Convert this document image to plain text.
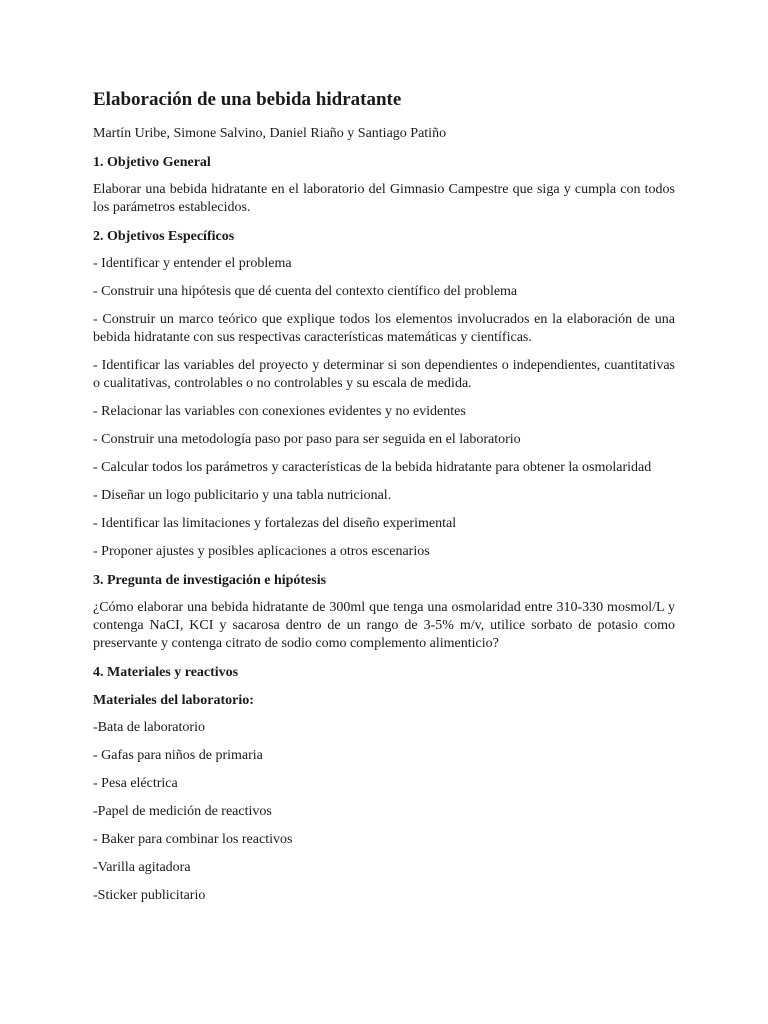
Elaboración de una bebida hidratante

Martín Uribe, Simone Salvino, Daniel Riaño y Santiago Patiño

1. Objetivo General

Elaborar una bebida hidratante en el laboratorio del Gimnasio Campestre que siga y cumpla con todos los parámetros establecidos.

2. Objetivos Específicos

- Identificar y entender el problema

- Construir una hipótesis que dé cuenta del contexto científico del problema

- Construir un marco teórico que explique todos los elementos involucrados en la elaboración de una bebida hidratante con sus respectivas características matemáticas y científicas.

- Identificar las variables del proyecto y determinar si son dependientes o independientes, cuantitativas o cualitativas, controlables o no controlables y su escala de medida.

- Relacionar las variables con conexiones evidentes y no evidentes

- Construir una metodología paso por paso para ser seguida en el laboratorio

- Calcular todos los parámetros y características de la bebida hidratante para obtener la osmolaridad

- Diseñar un logo publicitario y una tabla nutricional.

- Identificar las limitaciones y fortalezas del diseño experimental

- Proponer ajustes y posibles aplicaciones a otros escenarios

3. Pregunta de investigación e hipótesis

¿Cómo elaborar una bebida hidratante de 300ml que tenga una osmolaridad entre 310-330 mosmol/L y contenga NaCI, KCI y sacarosa dentro de un rango de 3-5% m/v, utilice sorbato de potasio como preservante y contenga citrato de sodio como complemento alimenticio?

4. Materiales y reactivos
Materiales del laboratorio:

-Bata de laboratorio

- Gafas para niños de primaria

- Pesa eléctrica

-Papel de medición de reactivos

- Baker para combinar los reactivos

-Varilla agitadora

-Sticker publicitario
